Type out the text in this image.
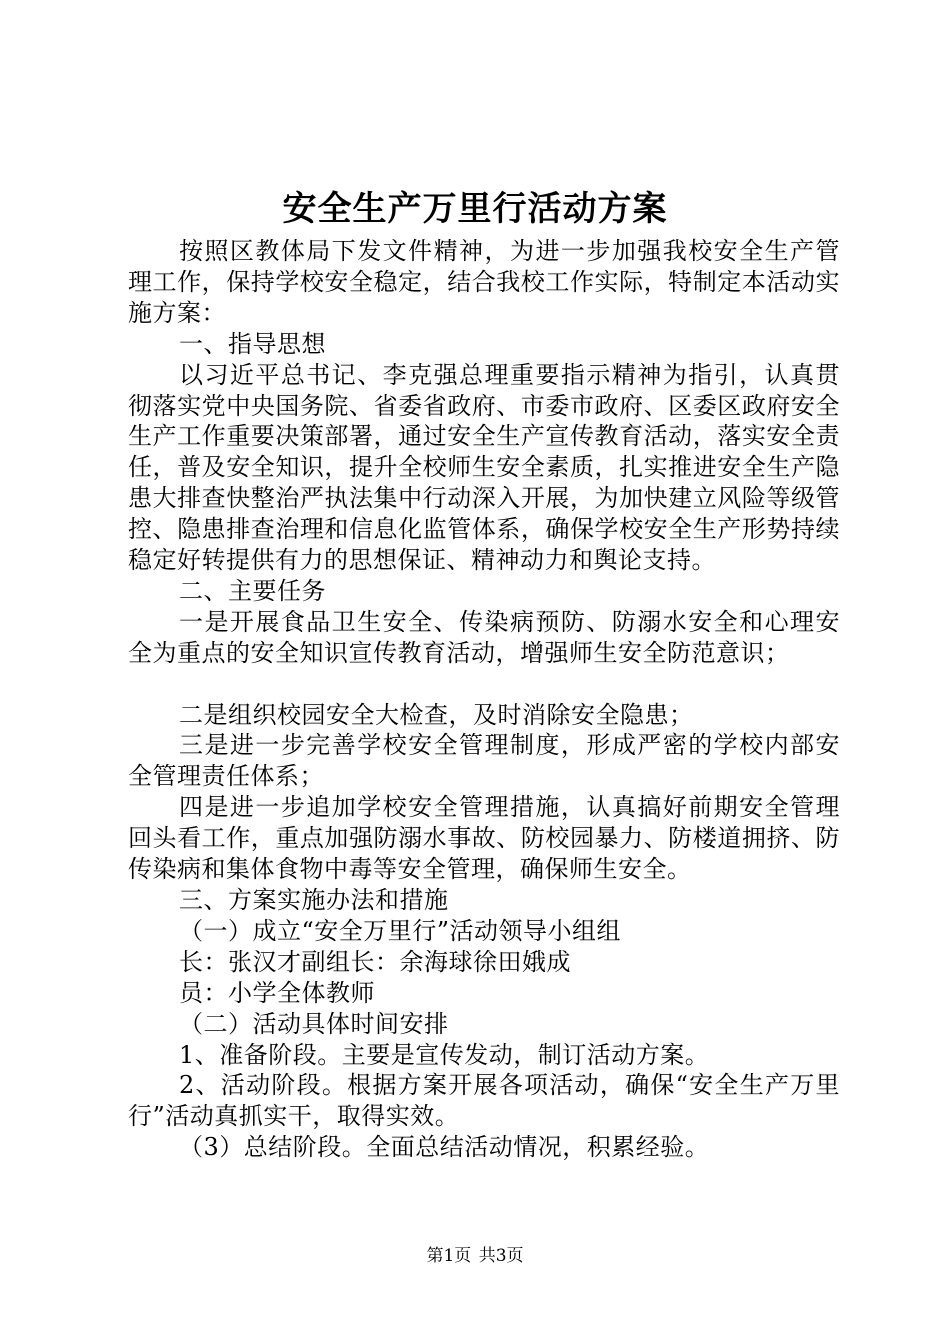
安全生产万里行活动方案

按照区教体局下发文件精神，为进一步加强我校安全生产管理工作，保持学校安全稳定，结合我校工作实际，特制定本活动实施方案：

一、指导思想

以习近平总书记、李克强总理重要指示精神为指引，认真贯彻落实党中央国务院、省委省政府、市委市政府、区委区政府安全生产工作重要决策部署，通过安全生产宣传教育活动，落实安全责任，普及安全知识，提升全校师生安全素质，扎实推进安全生产隐患大排查快整治严执法集中行动深入开展，为加快建立风险等级管控、隐患排查治理和信息化监管体系，确保学校安全生产形势持续稳定好转提供有力的思想保证、精神动力和舆论支持。

二、主要任务

一是开展食品卫生安全、传染病预防、防溺水安全和心理安全为重点的安全知识宣传教育活动，增强师生安全防范意识；

二是组织校园安全大检查，及时消除安全隐患；

三是进一步完善学校安全管理制度，形成严密的学校内部安全管理责任体系；

四是进一步追加学校安全管理措施，认真搞好前期安全管理回头看工作，重点加强防溺水事故、防校园暴力、防楼道拥挤、防传染病和集体食物中毒等安全管理，确保师生安全。

三、方案实施办法和措施

（一）成立“安全万里行”活动领导小组组

长：张汉才副组长：余海球徐田娥成

员：小学全体教师

（二）活动具体时间安排

1、准备阶段。主要是宣传发动，制订活动方案。

2、活动阶段。根据方案开展各项活动，确保“安全生产万里行”活动真抓实干，取得实效。

（3）总结阶段。全面总结活动情况，积累经验。

第1页 共3页
